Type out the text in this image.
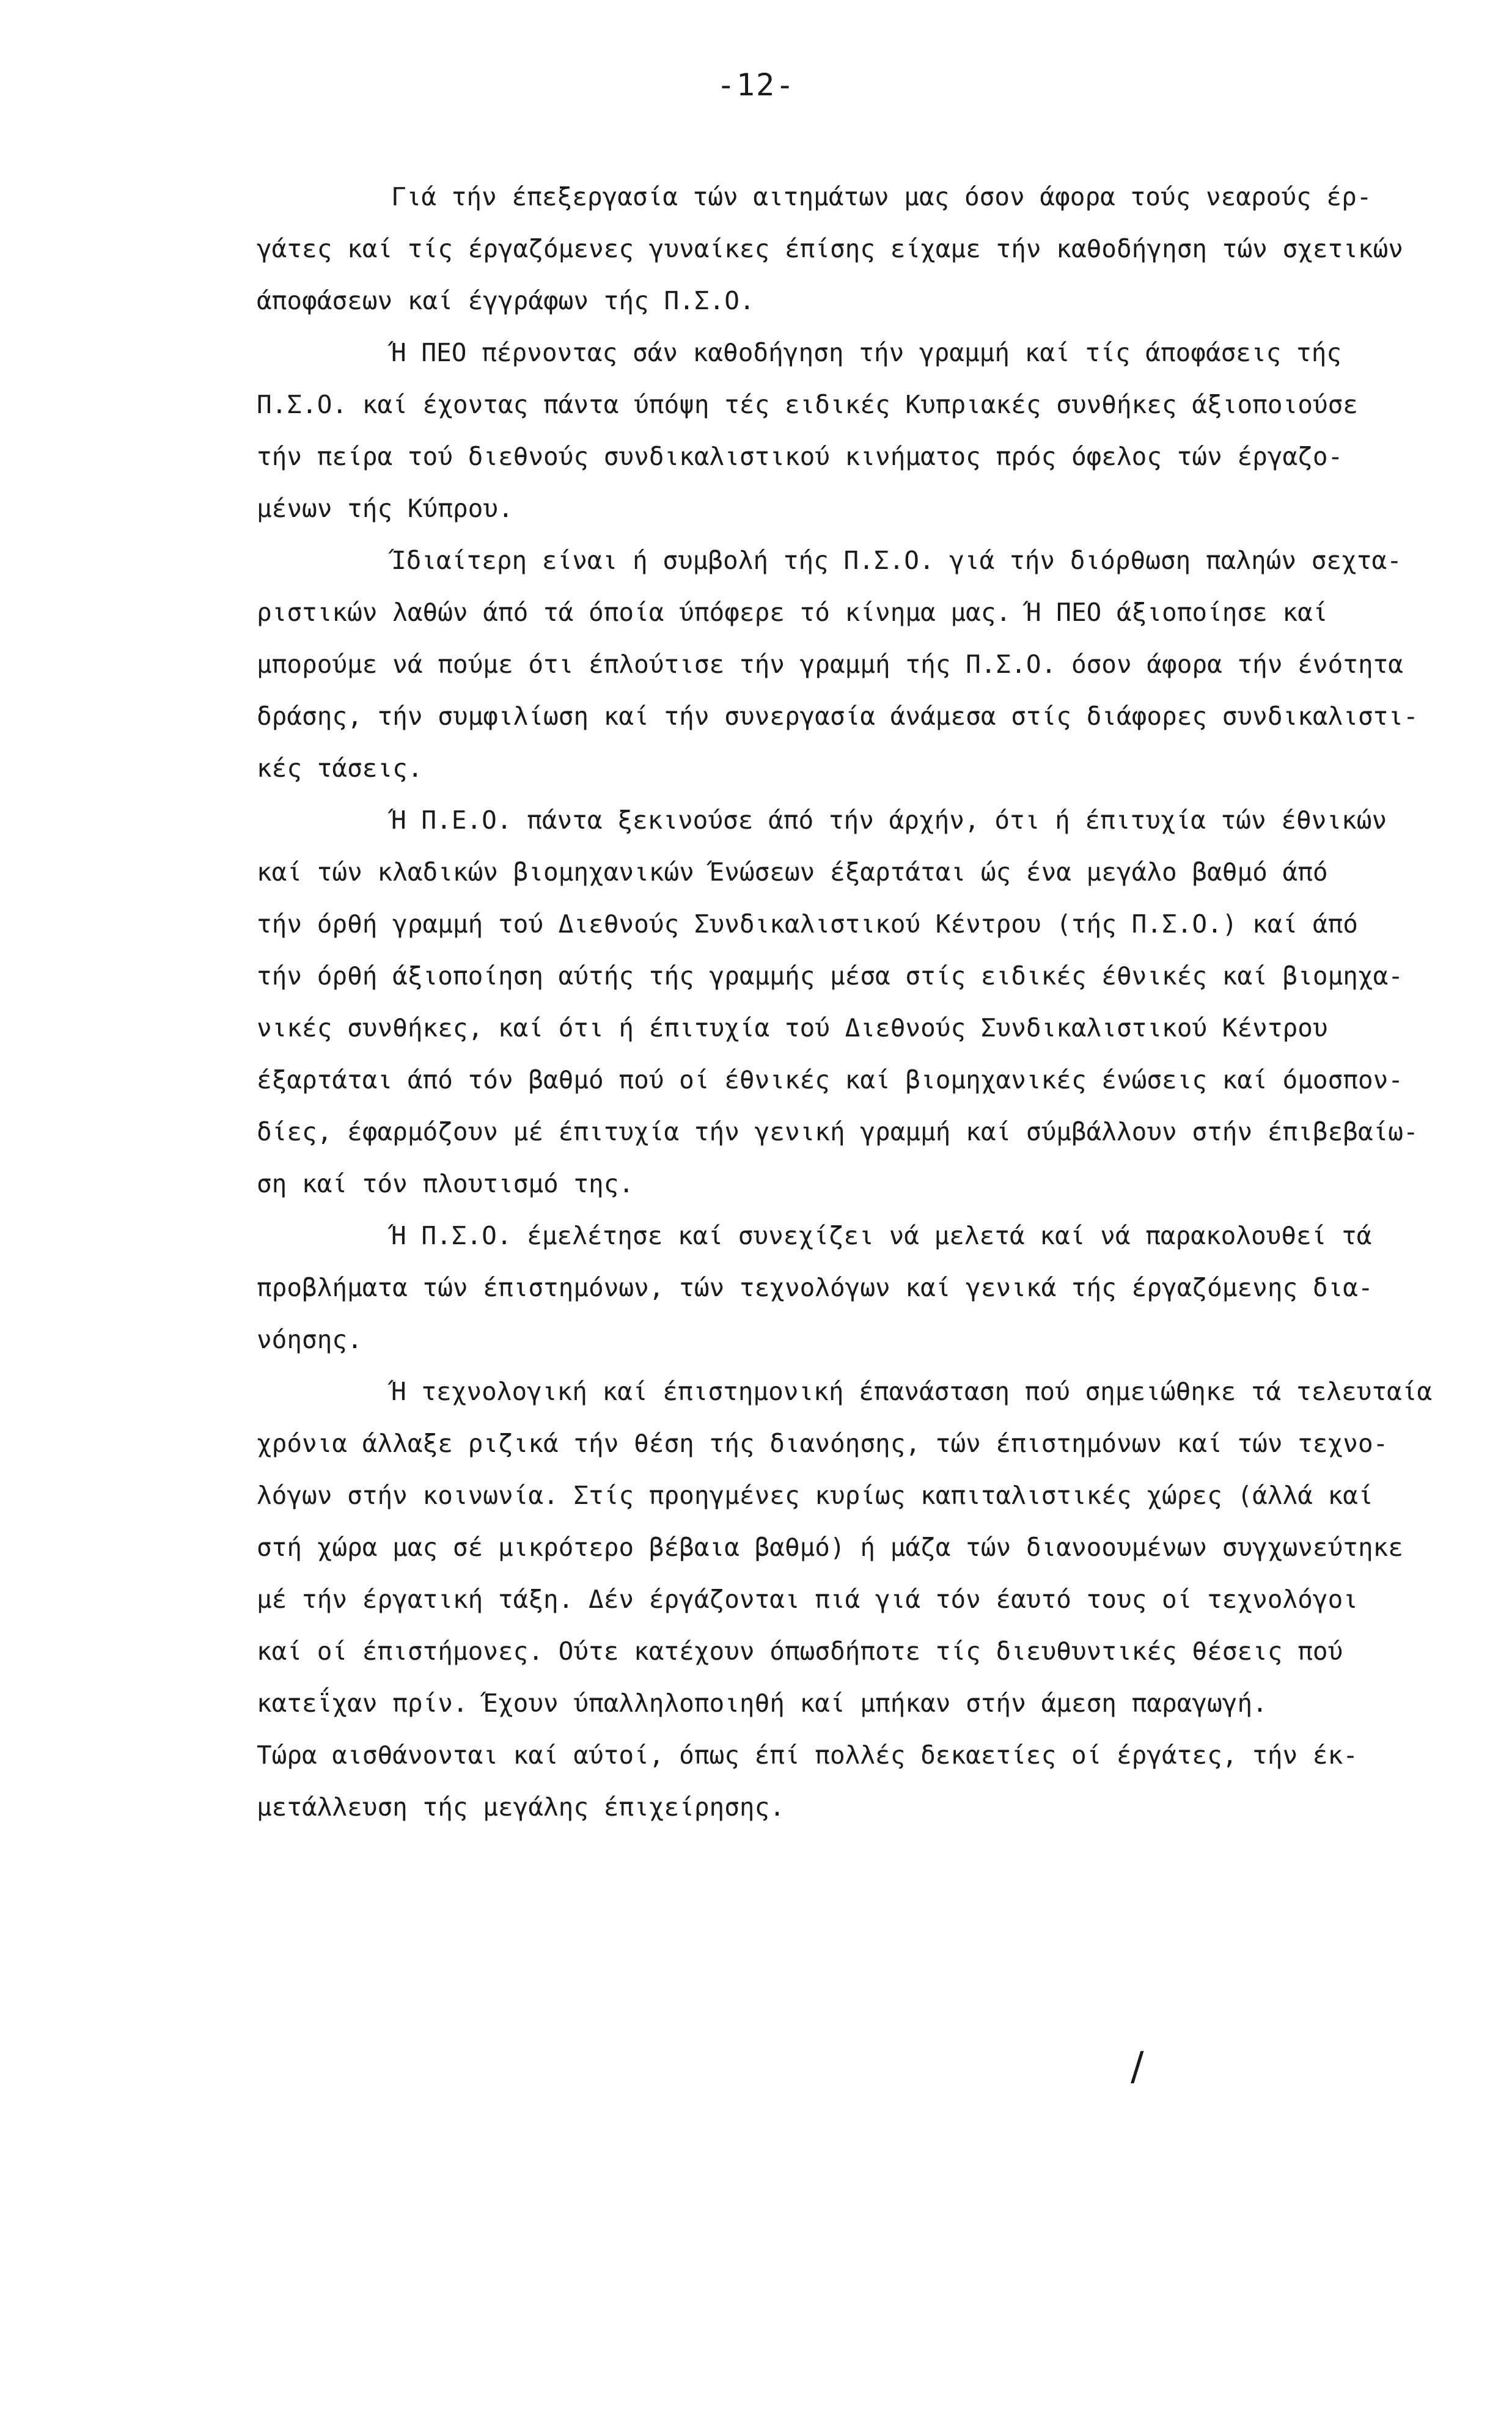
-12-
Γιά τήν έπεξεργασία τών αιτημάτων μας όσον άφορα τούς νεαρούς έρ-
γάτες καί τίς έργαζόμενες γυναίκες έπίσης είχαμε τήν καθοδήγηση τών σχετικών
άποφάσεων καί έγγράφων τής Π.Σ.Ο.
Ή ΠΕΟ πέρνοντας σάν καθοδήγηση τήν γραμμή καί τίς άποφάσεις τής
Π.Σ.Ο. καί έχοντας πάντα ύπόψη τές ειδικές Κυπριακές συνθήκες άξιοποιούσε
τήν πείρα τού διεθνούς συνδικαλιστικού κινήματος πρός όφελος τών έργαζο-
μένων τής Κύπρου.
Ίδιαίτερη είναι ή συμβολή τής Π.Σ.Ο. γιά τήν διόρθωση παληών σεχτα-
ριστικών λαθών άπό τά όποία ύπόφερε τό κίνημα μας. Ή ΠΕΟ άξιοποίησε καί
μπορούμε νά πούμε ότι έπλούτισε τήν γραμμή τής Π.Σ.Ο. όσον άφορα τήν ένότητα
δράσης, τήν συμφιλίωση καί τήν συνεργασία άνάμεσα στίς διάφορες συνδικαλιστι-
κές τάσεις.
Ή Π.Ε.Ο. πάντα ξεκινούσε άπό τήν άρχήν, ότι ή έπιτυχία τών έθνικών
καί τών κλαδικών βιομηχανικών Ένώσεων έξαρτάται ώς ένα μεγάλο βαθμό άπό
τήν όρθή γραμμή τού Διεθνούς Συνδικαλιστικού Κέντρου (τής Π.Σ.Ο.) καί άπό
τήν όρθή άξιοποίηση αύτής τής γραμμής μέσα στίς ειδικές έθνικές καί βιομηχα-
νικές συνθήκες, καί ότι ή έπιτυχία τού Διεθνούς Συνδικαλιστικού Κέντρου
έξαρτάται άπό τόν βαθμό πού οί έθνικές καί βιομηχανικές ένώσεις καί όμοσπον-
δίες, έφαρμόζουν μέ έπιτυχία τήν γενική γραμμή καί σύμβάλλουν στήν έπιβεβαίω-
ση καί τόν πλουτισμό της.
Ή Π.Σ.Ο. έμελέτησε καί συνεχίζει νά μελετά καί νά παρακολουθεί τά
προβλήματα τών έπιστημόνων, τών τεχνολόγων καί γενικά τής έργαζόμενης δια-
νόησης.
Ή τεχνολογική καί έπιστημονική έπανάσταση πού σημειώθηκε τά τελευταία
χρόνια άλλαξε ριζικά τήν θέση τής διανόησης, τών έπιστημόνων καί τών τεχνο-
λόγων στήν κοινωνία. Στίς προηγμένες κυρίως καπιταλιστικές χώρες (άλλά καί
στή χώρα μας σέ μικρότερο βέβαια βαθμό) ή μάζα τών διανοουμένων συγχωνεύτηκε
μέ τήν έργατική τάξη. Δέν έργάζονται πιά γιά τόν έαυτό τους οί τεχνολόγοι
καί οί έπιστήμονες. Ούτε κατέχουν όπωσδήποτε τίς διευθυντικές θέσεις πού
κατεΐχαν πρίν. Έχουν ύπαλληλοποιηθή καί μπήκαν στήν άμεση παραγωγή.
Τώρα αισθάνονται καί αύτοί, όπως έπί πολλές δεκαετίες οί έργάτες, τήν έκ-
μετάλλευση τής μεγάλης έπιχείρησης.
/
